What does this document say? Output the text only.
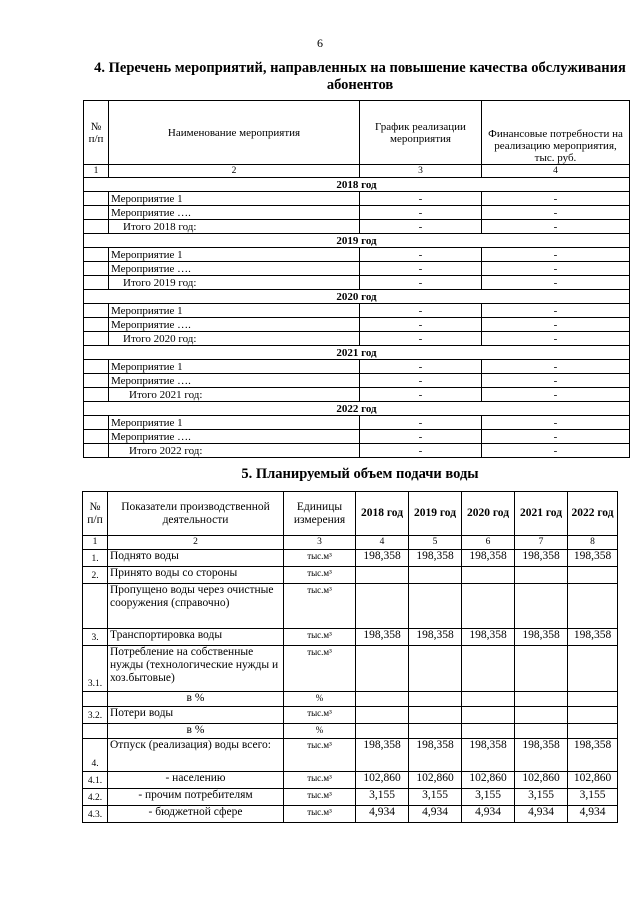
6
4. Перечень мероприятий, направленных на повышение качества обслуживания абонентов
№ п/п	Наименование мероприятия	График реализации мероприятия	Финансовые потребности на реализацию мероприятия, тыс. руб.
1	2	3	4
2018 год			
	Мероприятие 1	-	-
	Мероприятие ….	-	-
	Итого 2018 год:	-	-
2019 год			
	Мероприятие 1	-	-
	Мероприятие ….	-	-
	Итого 2019 год:	-	-
2020 год			
	Мероприятие 1	-	-
	Мероприятие ….	-	-
	Итого 2020 год:	-	-
2021 год			
	Мероприятие 1	-	-
	Мероприятие ….	-	-
	Итого 2021 год:	-	-
2022 год			
	Мероприятие 1	-	-
	Мероприятие ….	-	-
	Итого 2022 год:	-	-
5. Планируемый объем подачи воды
№ п/п	Показатели производственной деятельности	Единицы измерения	2018 год	2019 год	2020 год	2021 год	2022 год
1	2	3	4	5	6	7	8
1.	Поднято воды	тыс.м³	198,358	198,358	198,358	198,358	198,358
2.	Принято воды со стороны	тыс.м³					
	Пропущено воды через очистные сооружения (справочно)	тыс.м³					
3.	Транспортировка воды	тыс.м³	198,358	198,358	198,358	198,358	198,358
3.1.	Потребление на собственные нужды (технологические нужды и хоз.бытовые)	тыс.м³					
	в %	%					
3.2.	Потери воды	тыс.м³					
	в %	%					
4.	Отпуск (реализация) воды всего:	тыс.м³	198,358	198,358	198,358	198,358	198,358
4.1.	- населению	тыс.м³	102,860	102,860	102,860	102,860	102,860
4.2.	- прочим потребителям	тыс.м³	3,155	3,155	3,155	3,155	3,155
4.3.	- бюджетной сфере	тыс.м³	4,934	4,934	4,934	4,934	4,934
